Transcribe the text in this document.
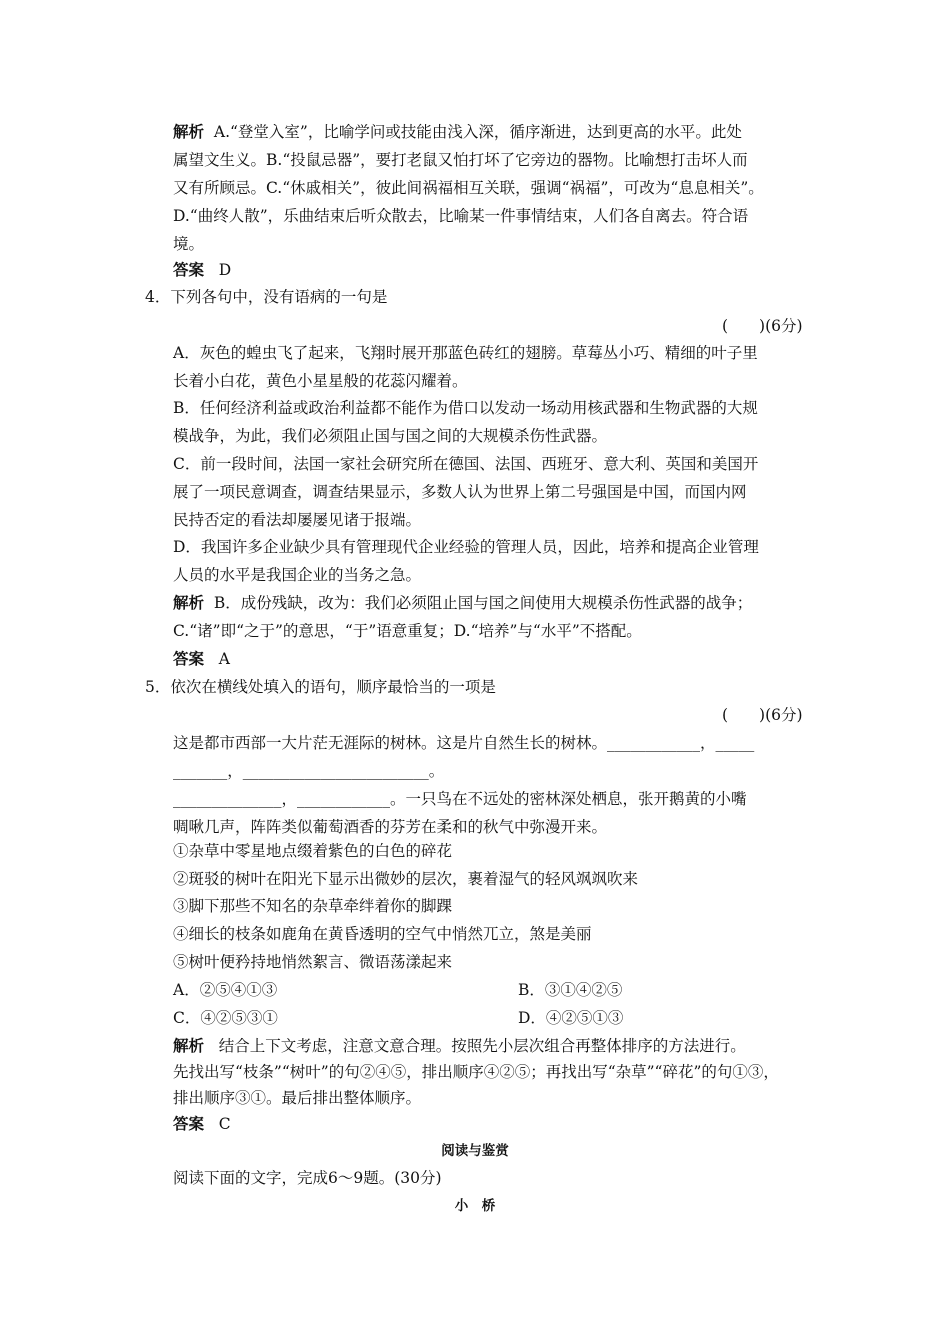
解析 A.“登堂入室”，比喻学问或技能由浅入深，循序渐进，达到更高的水平。此处
属望文生义。B.“投鼠忌器”，要打老鼠又怕打坏了它旁边的器物。比喻想打击坏人而
又有所顾忌。C.“休戚相关”，彼此间祸福相互关联，强调“祸福”，可改为“息息相关”。
D.“曲终人散”，乐曲结束后听众散去，比喻某一件事情结束，人们各自离去。符合语
境。
答案 D
4．下列各句中，没有语病的一句是
(　　)(6分)
A．灰色的蝗虫飞了起来，飞翔时展开那蓝色砖红的翅膀。草莓丛小巧、精细的叶子里
长着小白花，黄色小星星般的花蕊闪耀着。
B．任何经济利益或政治利益都不能作为借口以发动一场动用核武器和生物武器的大规
模战争，为此，我们必须阻止国与国之间的大规模杀伤性武器。
C．前一段时间，法国一家社会研究所在德国、法国、西班牙、意大利、英国和美国开
展了一项民意调查，调查结果显示，多数人认为世界上第二号强国是中国，而国内网
民持否定的看法却屡屡见诸于报端。
D．我国许多企业缺少具有管理现代企业经验的管理人员，因此，培养和提高企业管理
人员的水平是我国企业的当务之急。
解析 B．成份残缺，改为：我们必须阻止国与国之间使用大规模杀伤性武器的战争；
C.“诸”即“之于”的意思，“于”语意重复；D.“培养”与“水平”不搭配。
答案 A
5．依次在横线处填入的语句，顺序最恰当的一项是
(　　)(6分)
这是都市西部一大片茫无涯际的树林。这是片自然生长的树林。____________，_____
_______，________________________。
______________，____________。一只鸟在不远处的密林深处栖息，张开鹅黄的小嘴
啁啾几声，阵阵类似葡萄酒香的芬芳在柔和的秋气中弥漫开来。
①杂草中零星地点缀着紫色的白色的碎花
②斑驳的树叶在阳光下显示出微妙的层次，裹着湿气的轻风飒飒吹来
③脚下那些不知名的杂草牵绊着你的脚踝
④细长的枝条如鹿角在黄昏透明的空气中悄然兀立，煞是美丽
⑤树叶便矜持地悄然絮言、微语荡漾起来
A．②⑤④①③	B．③①④②⑤
C．④②⑤③①	D．④②⑤①③
解析 结合上下文考虑，注意文意合理。按照先小层次组合再整体排序的方法进行。
先找出写“枝条”“树叶”的句②④⑤，排出顺序④②⑤；再找出写“杂草”“碎花”的句①③，
排出顺序③①。最后排出整体顺序。
答案 C
阅读与鉴赏
阅读下面的文字，完成6～9题。(30分)
小　桥
